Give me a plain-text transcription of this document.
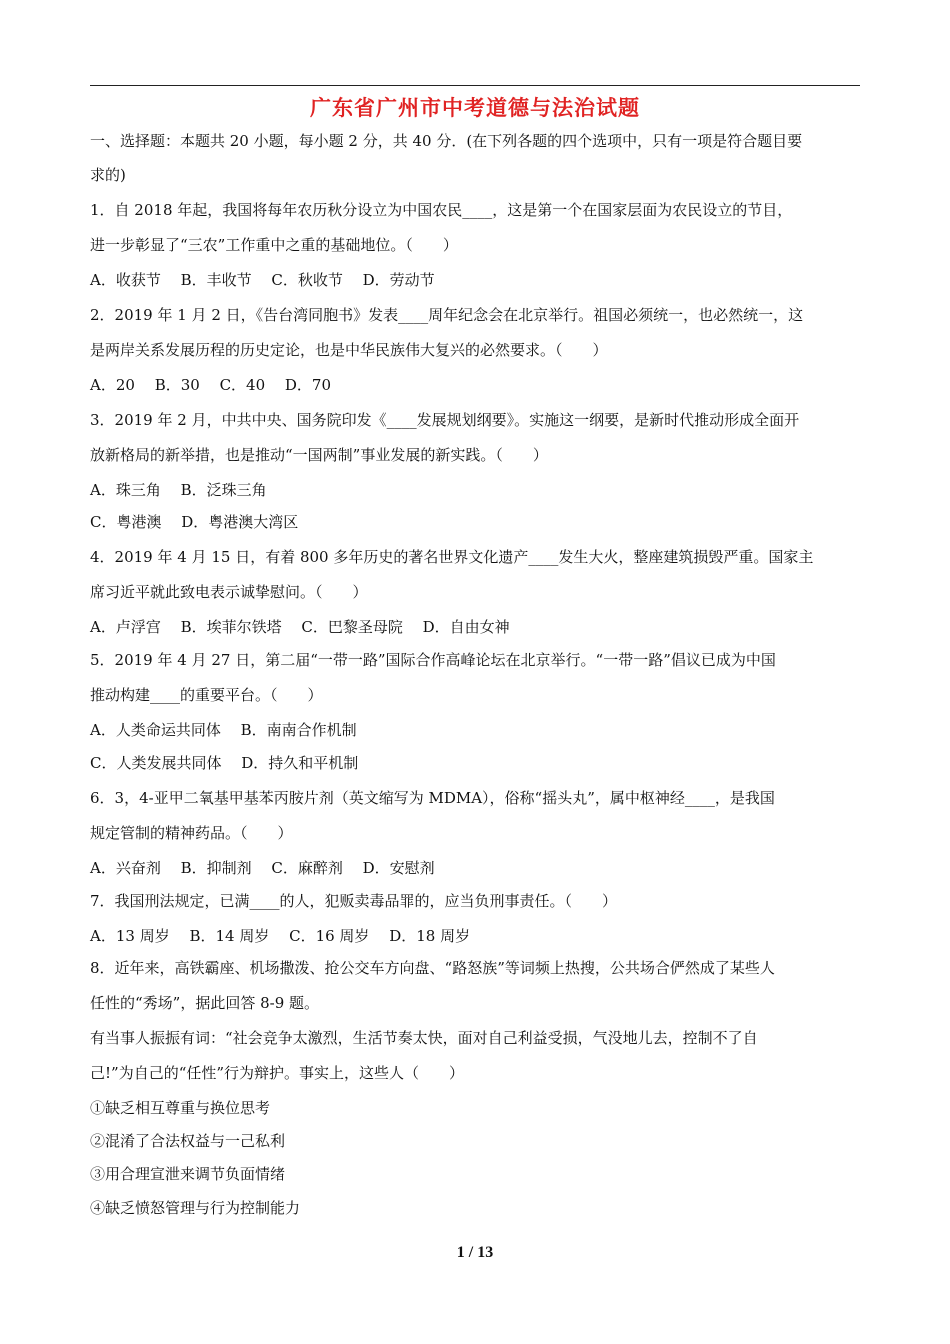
广东省广州市中考道德与法治试题
一、选择题：本题共 20 小题，每小题 2 分，共 40 分．(在下列各题的四个选项中，只有一项是符合题目要
求的)
1．自 2018 年起，我国将每年农历秋分设立为中国农民____，这是第一个在国家层面为农民设立的节目，
进一步彰显了“三农”工作重中之重的基础地位。（　　）
A．收获节　 B．丰收节　 C．秋收节　 D．劳动节
2．2019 年 1 月 2 日，《告台湾同胞书》发表____周年纪念会在北京举行。祖国必须统一，也必然统一，这
是两岸关系发展历程的历史定论，也是中华民族伟大复兴的必然要求。（　　）
A．20　 B．30　 C．40　 D．70
3．2019 年 2 月，中共中央、国务院印发《____发展规划纲要》。实施这一纲要，是新时代推动形成全面开
放新格局的新举措，也是推动“一国两制”事业发展的新实践。（　　）
A．珠三角　 B．泛珠三角
C．粤港澳　 D．粤港澳大湾区
4．2019 年 4 月 15 日，有着 800 多年历史的著名世界文化遗产____发生大火，整座建筑损毁严重。国家主
席习近平就此致电表示诚挚慰问。（　　）
A．卢浮宫　 B．埃菲尔铁塔　 C．巴黎圣母院　 D．自由女神
5．2019 年 4 月 27 日，第二届“一带一路”国际合作高峰论坛在北京举行。“一带一路”倡议已成为中国
推动构建____的重要平台。（　　）
A．人类命运共同体　 B．南南合作机制
C．人类发展共同体　 D．持久和平机制
6．3，4-亚甲二氧基甲基苯丙胺片剂（英文缩写为 MDMA），俗称“摇头丸”，属中枢神经____，是我国
规定管制的精神药品。（　　）
A．兴奋剂　 B．抑制剂　 C．麻醉剂　 D．安慰剂
7．我国刑法规定，已满____的人，犯贩卖毒品罪的，应当负刑事责任。（　　）
A．13 周岁　 B．14 周岁　 C．16 周岁　 D．18 周岁
8．近年来，高铁霸座、机场撒泼、抢公交车方向盘、“路怒族”等词频上热搜，公共场合俨然成了某些人
任性的“秀场”，据此回答 8-9 题。
有当事人振振有词：“社会竞争太激烈，生活节奏太快，面对自己利益受损，气没地儿去，控制不了自
己!”为自己的“任性”行为辩护。事实上，这些人（　　）
①缺乏相互尊重与换位思考
②混淆了合法权益与一己私利
③用合理宣泄来调节负面情绪
④缺乏愤怒管理与行为控制能力
1 / 13
